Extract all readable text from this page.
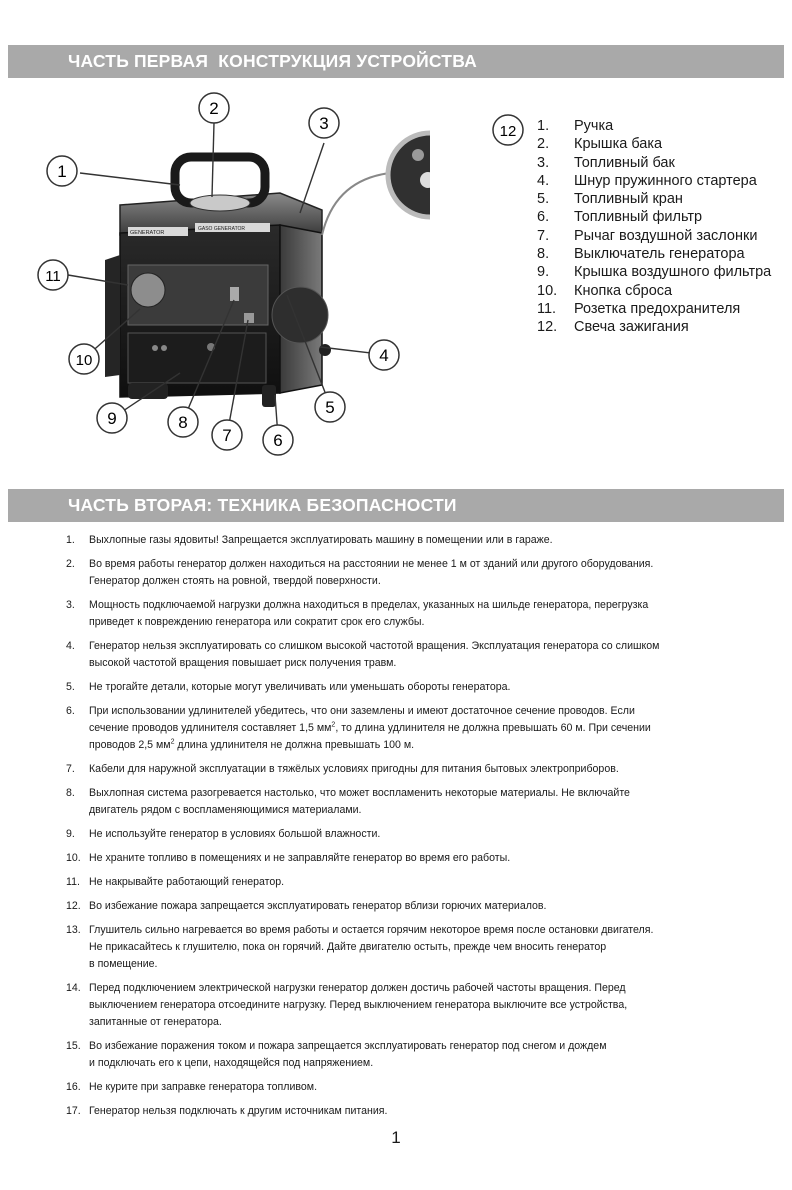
ЧАСТЬ ПЕРВАЯ  КОНСТРУКЦИЯ УСТРОЙСТВА
GENERATOR
GASO GENERATOR
1
2
3
4
5
6
7
8
9
10
11
12 1.	Ручка
2.	Крышка бака
3.	Топливный бак
4.	Шнур пружинного стартера
5.	Топливный кран
6.	Топливный фильтр
7.	Рычаг воздушной заслонки
8.	Выключатель генератора
9.	Крышка воздушного фильтра
10.	Кнопка сброса
11.	Розетка предохранителя
12.	Свеча зажигания
ЧАСТЬ ВТОРАЯ: ТЕХНИКА БЕЗОПАСНОСТИ
1.	Выхлопные газы ядовиты! Запрещается эксплуатировать машину в помещении или в гараже.
2.	Во время работы генератор должен находиться на расстоянии не менее 1 м от зданий или другого оборудования.
Генератор должен стоять на ровной, твердой поверхности.
3.	Мощность подключаемой нагрузки должна находиться в пределах, указанных на шильде генератора, перегрузка
приведет к повреждению генератора или сократит срок его службы.
4.	Генератор нельзя эксплуатировать со слишком высокой частотой вращения. Эксплуатация генератора со слишком
высокой частотой вращения повышает риск получения травм.
5.	Не трогайте детали, которые могут увеличивать или уменьшать обороты генератора.
6.	При использовании удлинителей убедитесь, что они заземлены и имеют достаточное сечение проводов. Если
сечение проводов удлинителя составляет 1,5 $мм^2$, то длина удлинителя не должна превышать 60 м. При сечении
проводов 2,5 $мм^2$ длина удлинителя не должна превышать 100 м.
7.	Кабели для наружной эксплуатации в тяжёлых условиях пригодны для питания бытовых электроприборов.
8.	Выхлопная система разогревается настолько, что может воспламенить некоторые материалы. Не включайте
двигатель рядом с воспламеняющимися материалами.
9.	Не используйте генератор в условиях большой влажности.
10. Не храните топливо в помещениях и не заправляйте генератор во время его работы.
11. Не накрывайте работающий генератор.
12. Во избежание пожара запрещается эксплуатировать генератор вблизи горючих материалов.
13. Глушитель сильно нагревается во время работы и остается горячим некоторое время после остановки двигателя.
Не прикасайтесь к глушителю, пока он горячий. Дайте двигателю остыть, прежде чем вносить генератор
в помещение.
14. Перед подключением электрической нагрузки генератор должен достичь рабочей частоты вращения. Перед
выключением генератора отсоедините нагрузку. Перед выключением генератора выключите все устройства,
запитанные от генератора.
15. Во избежание поражения током и пожара запрещается эксплуатировать генератор под снегом и дождем
и подключать его к цепи, находящейся под напряжением.
16. Не курите при заправке генератора топливом.
17. Генератор нельзя подключать к другим источникам питания.
1
